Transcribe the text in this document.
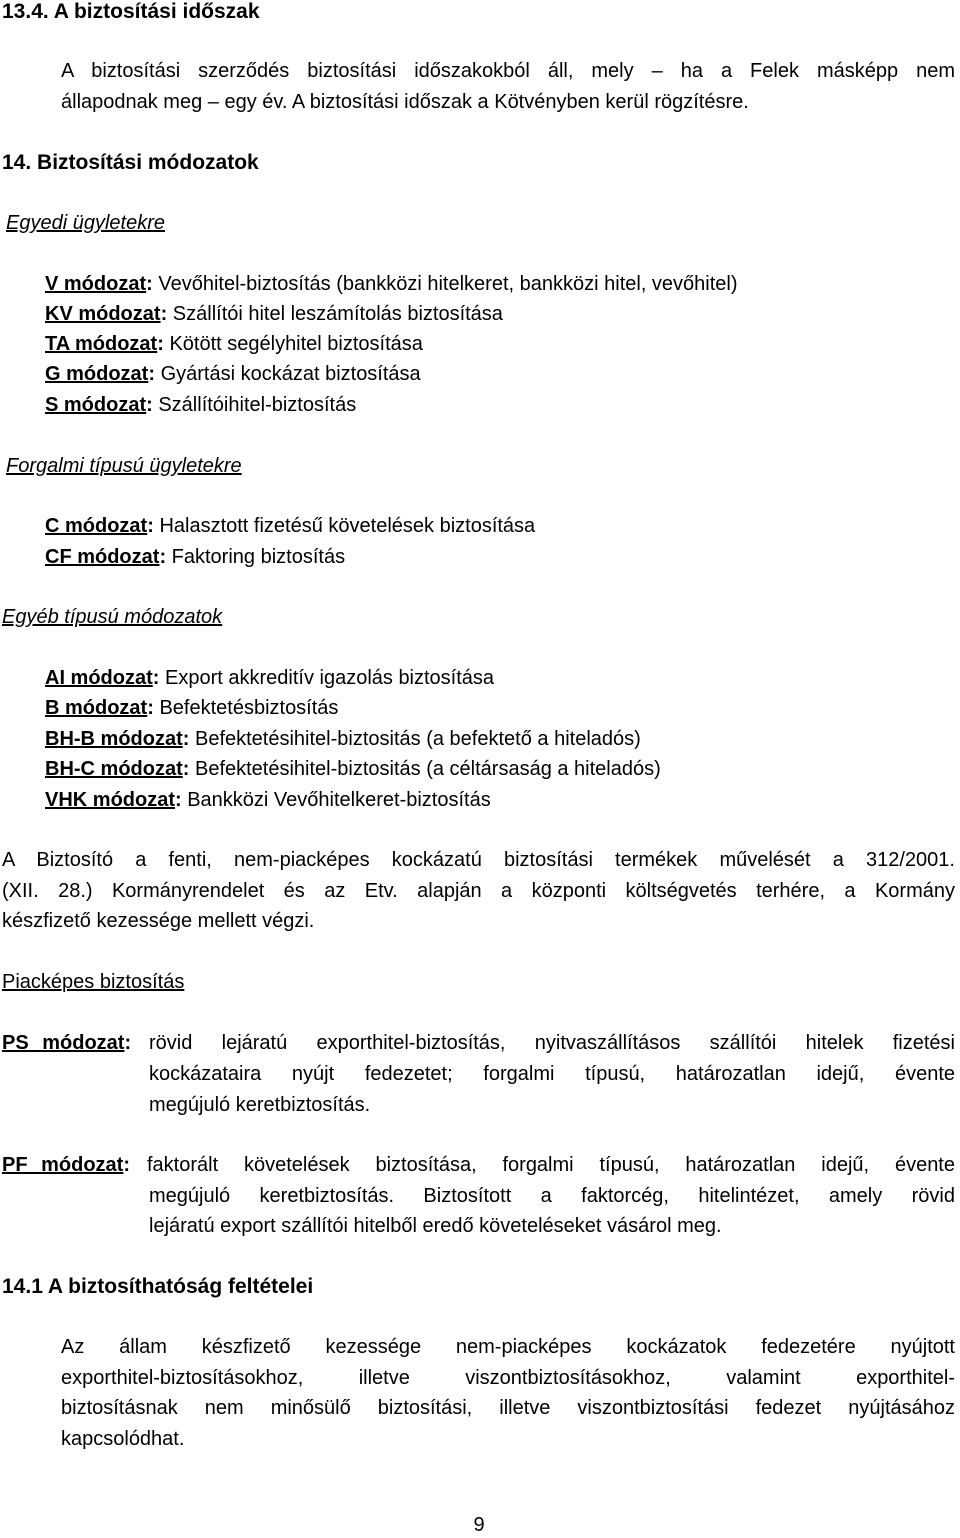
13.4. A biztosítási időszak
A biztosítási szerződés biztosítási időszakokból áll, mely – ha a Felek másképp nem
állapodnak meg – egy év. A biztosítási időszak a Kötvényben kerül rögzítésre.
14. Biztosítási módozatok
Egyedi ügyletekre
V módozat: Vevőhitel-biztosítás (bankközi hitelkeret, bankközi hitel, vevőhitel)
KV módozat: Szállítói hitel leszámítolás biztosítása
TA módozat: Kötött segélyhitel biztosítása
G módozat: Gyártási kockázat biztosítása
S módozat: Szállítóihitel-biztosítás
Forgalmi típusú ügyletekre
C módozat: Halasztott fizetésű követelések biztosítása
CF módozat: Faktoring biztosítás
Egyéb típusú módozatok
AI módozat: Export akkreditív igazolás biztosítása
B módozat: Befektetésbiztosítás
BH-B módozat: Befektetésihitel-biztositás (a befektető a hiteladós)
BH-C módozat: Befektetésihitel-biztositás (a céltársaság a hiteladós)
VHK módozat: Bankközi Vevőhitelkeret-biztosítás
A Biztosító a fenti, nem-piacképes kockázatú biztosítási termékek művelését a 312/2001.
(XII. 28.) Kormányrendelet és az Etv. alapján a központi költségvetés terhére, a Kormány
készfizető kezessége mellett végzi.
Piacképes biztosítás
PS módozat: rövid lejáratú exporthitel-biztosítás, nyitvaszállításos szállítói hitelek fizetési
kockázataira nyújt fedezetet; forgalmi típusú, határozatlan idejű, évente
megújuló keretbiztosítás.
PF módozat: faktorált követelések biztosítása, forgalmi típusú, határozatlan idejű, évente
megújuló keretbiztosítás. Biztosított a faktorcég, hitelintézet, amely rövid
lejáratú export szállítói hitelből eredő követeléseket vásárol meg.
14.1 A biztosíthatóság feltételei
Az állam készfizető kezessége nem-piacképes kockázatok fedezetére nyújtott
exporthitel-biztosításokhoz, illetve viszontbiztosításokhoz, valamint exporthitel-
biztosításnak nem minősülő biztosítási, illetve viszontbiztosítási fedezet nyújtásához
kapcsolódhat.
9
